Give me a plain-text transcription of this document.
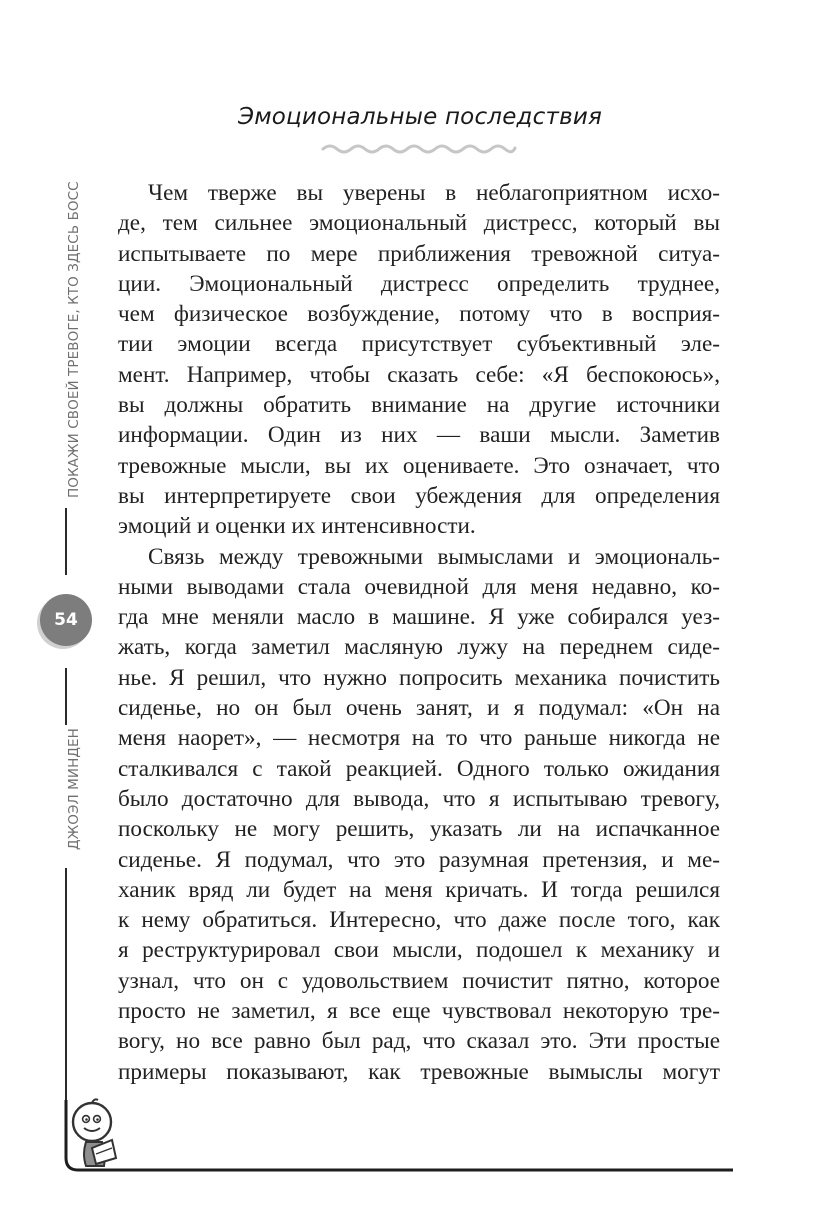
Эмоциональные последствия
Чем тверже вы уверены в неблагоприятном исхо-
де, тем сильнее эмоциональный дистресс, который вы
испытываете по мере приближения тревожной ситуа-
ции. Эмоциональный дистресс определить труднее,
чем физическое возбуждение, потому что в восприя-
тии эмоции всегда присутствует субъективный эле-
мент. Например, чтобы сказать себе: «Я беспокоюсь»,
вы должны обратить внимание на другие источники
информации. Один из них — ваши мысли. Заметив
тревожные мысли, вы их оцениваете. Это означает, что
вы интерпретируете свои убеждения для определения
эмоций и оценки их интенсивности.
Связь между тревожными вымыслами и эмоциональ-
ными выводами стала очевидной для меня недавно, ко-
гда мне меняли масло в машине. Я уже собирался уез-
жать, когда заметил масляную лужу на переднем сиде-
нье. Я решил, что нужно попросить механика почистить
сиденье, но он был очень занят, и я подумал: «Он на
меня наорет», — несмотря на то что раньше никогда не
сталкивался с такой реакцией. Одного только ожидания
было достаточно для вывода, что я испытываю тревогу,
поскольку не могу решить, указать ли на испачканное
сиденье. Я подумал, что это разумная претензия, и ме-
ханик вряд ли будет на меня кричать. И тогда решился
к нему обратиться. Интересно, что даже после того, как
я реструктурировал свои мысли, подошел к механику и
узнал, что он с удовольствием почистит пятно, которое
просто не заметил, я все еще чувствовал некоторую тре-
вогу, но все равно был рад, что сказал это. Эти простые
примеры показывают, как тревожные вымыслы могут
ПОКАЖИ СВОЕЙ ТРЕВОГЕ, КТО ЗДЕСЬ БОСС
54
ДЖОЭЛ МИНДЕН
